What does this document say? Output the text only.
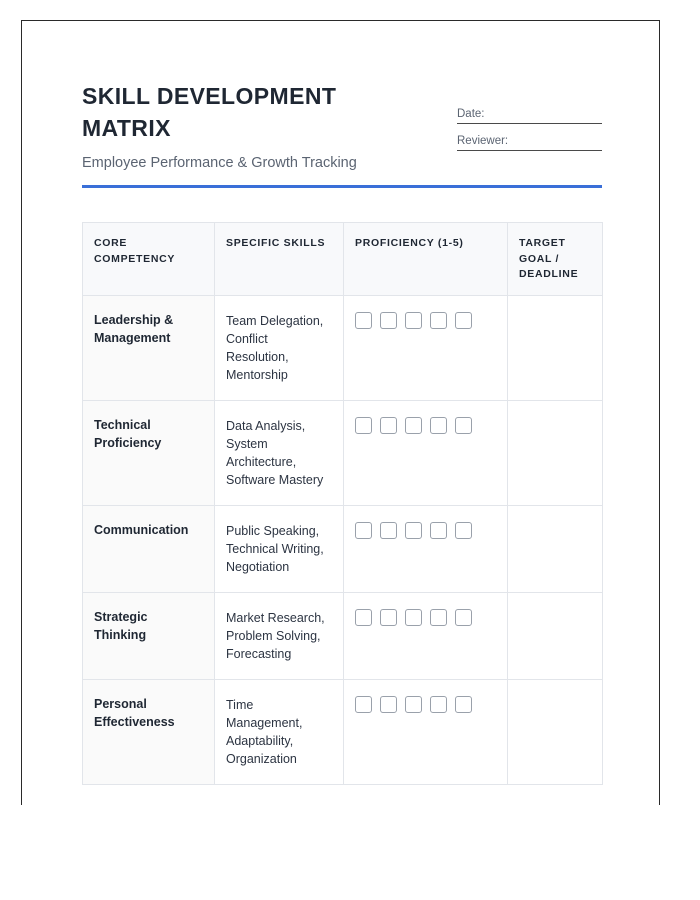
SKILL DEVELOPMENT MATRIX

Employee Performance & Growth Tracking

Date:
Reviewer:
CORE COMPETENCY	SPECIFIC SKILLS	PROFICIENCY (1-5)	TARGET GOAL / DEADLINE
Leadership & Management	Team Delegation, Conflict Resolution, Mentorship	

Technical Proficiency	Data Analysis, System Architecture, Software Mastery	

Communication	Public Speaking, Technical Writing, Negotiation	

Strategic Thinking	Market Research, Problem Solving, Forecasting	

Personal Effectiveness	Time Management, Adaptability, Organization	
